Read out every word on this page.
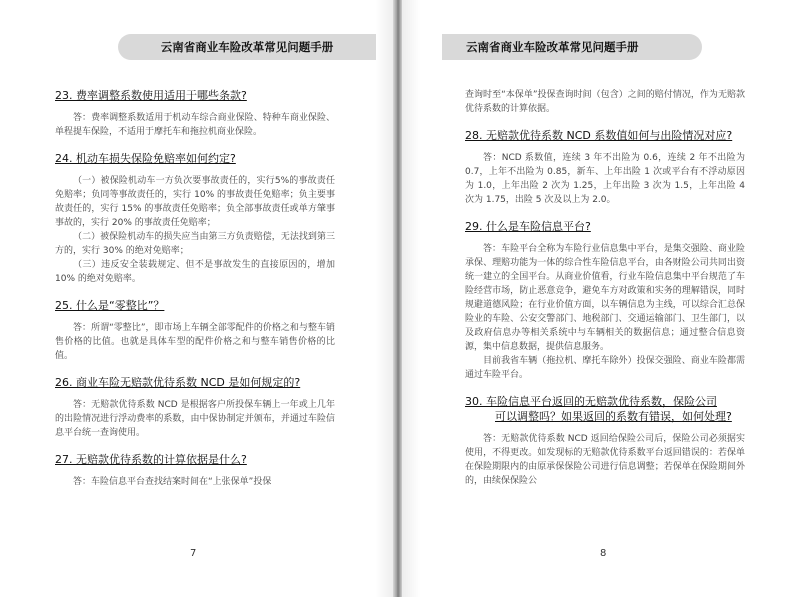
云南省商业车险改革常见问题手册
23. 费率调整系数使用适用于哪些条款?

答：费率调整系数适用于机动车综合商业保险、特种车商业保险、单程提车保险，不适用于摩托车和拖拉机商业保险。

24. 机动车损失保险免赔率如何约定?

（一）被保险机动车一方负次要事故责任的，实行5%的事故责任免赔率；负同等事故责任的，实行 10% 的事故责任免赔率；负主要事故责任的，实行 15% 的事故责任免赔率；负全部事故责任或单方肇事事故的，实行 20% 的事故责任免赔率；

（二）被保险机动车的损失应当由第三方负责赔偿，无法找到第三方的，实行 30% 的绝对免赔率；

（三）违反安全装载规定、但不是事故发生的直接原因的，增加 10% 的绝对免赔率。

25. 什么是“零整比”？

答：所谓“零整比”，即市场上车辆全部零配件的价格之和与整车销售价格的比值。也就是具体车型的配件价格之和与整车销售价格的比值。

26. 商业车险无赔款优待系数 NCD 是如何规定的?

答：无赔款优待系数 NCD 是根据客户所投保车辆上一年或上几年的出险情况进行浮动费率的系数，由中保协制定并颁布，并通过车险信息平台统一查询使用。

27. 无赔款优待系数的计算依据是什么?

答：车险信息平台查找结案时间在“上张保单”投保

7
云南省商业车险改革常见问题手册

查询时至“本保单”投保查询时间（包含）之间的赔付情况，作为无赔款优待系数的计算依据。

28. 无赔款优待系数 NCD 系数值如何与出险情况对应?

答：NCD 系数值，连续 3 年不出险为 0.6，连续 2 年不出险为 0.7，上年不出险为 0.85，新车、上年出险 1 次或平台有不浮动原因为 1.0，上年出险 2 次为 1.25，上年出险 3 次为 1.5，上年出险 4 次为 1.75，出险 5 次及以上为 2.0。

29. 什么是车险信息平台?

答：车险平台全称为车险行业信息集中平台，是集交强险、商业险承保、理赔功能为一体的综合性车险信息平台，由各财险公司共同出资统一建立的全国平台。从商业价值看，行业车险信息集中平台规范了车险经营市场，防止恶意竞争，避免车方对政策和实务的理解错误，同时规避道德风险；在行业价值方面，以车辆信息为主线，可以综合汇总保险业的车险、公安交警部门、地税部门、交通运输部门、卫生部门，以及政府信息办等相关系统中与车辆相关的数据信息；通过整合信息资源，集中信息数据，提供信息服务。

目前我省车辆（拖拉机、摩托车除外）投保交强险、商业车险都需通过车险平台。

30. 车险信息平台返回的无赔款优待系数，保险公司
可以调整吗？如果返回的系数有错误，如何处理?

答：无赔款优待系数 NCD 返回给保险公司后，保险公司必须据实使用，不得更改。如发现标的无赔款优待系数平台返回错误的：若保单在保险期限内的由原承保保险公司进行信息调整；若保单在保险期间外的，由续保保险公

8
